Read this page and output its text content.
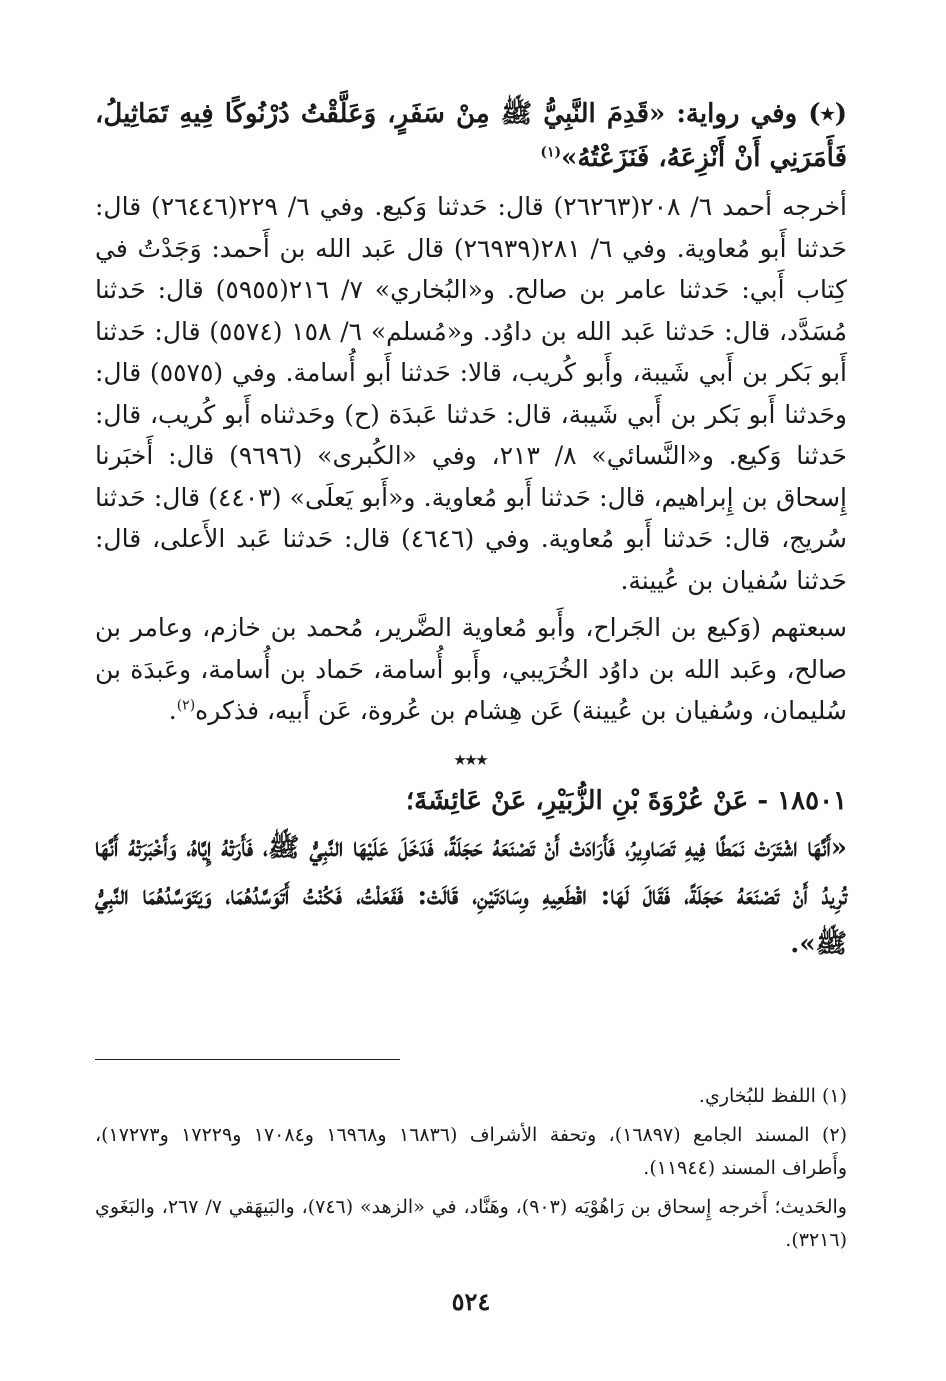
(٭) وفي رواية: «قَدِمَ النَّبِيُّ ﷺ مِنْ سَفَرٍ، وَعَلَّقْتُ دُرْنُوكًا فِيهِ تَمَاثِيلُ، فَأَمَرَنِي أَنْ أَنْزِعَهُ، فَنَزَعْتُهُ»$^{(١)}$

أخرجه أحمد ٦/ ٢٠٨(٢٦٢٦٣) قال: حَدثنا وَكيع. وفي ٦/ ٢٢٩(٢٦٤٤٦) قال: حَدثنا أَبو مُعاوية. وفي ٦/ ٢٨١(٢٦٩٣٩) قال عَبد الله بن أَحمد: وَجَدْتُ في كِتاب أَبي: حَدثنا عامر بن صالح. و«البُخاري» ٧/ ٢١٦(٥٩٥٥) قال: حَدثنا مُسَدَّد، قال: حَدثنا عَبد الله بن داوُد. و«مُسلم» ٦/ ١٥٨ (٥٥٧٤) قال: حَدثنا أَبو بَكر بن أَبي شَيبة، وأَبو كُريب، قالا: حَدثنا أَبو أُسامة. وفي (٥٥٧٥) قال: وحَدثنا أَبو بَكر بن أَبي شَيبة، قال: حَدثنا عَبدَة (ح) وحَدثناه أَبو كُريب، قال: حَدثنا وَكيع. و«النَّسائي» ٨/ ٢١٣، وفي «الكُبرى» (٩٦٩٦) قال: أَخبَرنا إِسحاق بن إِبراهيم، قال: حَدثنا أَبو مُعاوية. و«أَبو يَعلَى» (٤٤٠٣) قال: حَدثنا سُريج، قال: حَدثنا أَبو مُعاوية. وفي (٤٦٤٦) قال: حَدثنا عَبد الأَعلى، قال: حَدثنا سُفيان بن عُيينة.

سبعتهم (وَكيع بن الجَراح، وأَبو مُعاوية الضَّرير، مُحمد بن خازم، وعامر بن صالح، وعَبد الله بن داوُد الخُرَيبي، وأَبو أُسامة، حَماد بن أُسامة، وعَبدَة بن سُليمان، وسُفيان بن عُيينة) عَن هِشام بن عُروة، عَن أَبيه، فذكره$^{(٢)}$.

٭٭٭

١٨٥٠١ - عَنْ عُرْوَةَ بْنِ الزُّبَيْرِ، عَنْ عَائِشَةَ؛

«أَنَّهَا اشْتَرَتْ نَمَطًا فِيهِ تَصَاوِيرُ، فَأَرَادَتْ أَنْ تَصْنَعَهُ حَجَلَةً، فَدَخَلَ عَلَيْهَا النَّبِيُّ ﷺ، فَأَرَتْهُ إِيَّاهُ، وَأَخْبَرَتْهُ أَنَّهَا تُرِيدُ أَنْ تَصْنَعَهُ حَجَلَةً، فَقَالَ لَهَا: اقْطَعِيهِ وِسَادَتَيْنِ، قَالَتْ: فَفَعَلْتُ، فَكُنْتُ أَتَوَسَّدُهُمَا، وَيَتَوَسَّدُهُمَا النَّبِيُّ ﷺ».

(١) اللفظ للبُخاري.

(٢) المسند الجامع (١٦٨٩٧)، وتحفة الأشراف (١٦٨٣٦ و١٦٩٦٨ و١٧٠٨٤ و١٧٢٢٩ و١٧٢٧٣)، وأَطراف المسند (١١٩٤٤).

والحَديث؛ أَخرجه إِسحاق بن رَاهُوْيَه (٩٠٣)، وهَنَّاد، في «الزهد» (٧٤٦)، والبَيهَقي ٧/ ٢٦٧، والبَغَوي (٣٢١٦).

٥٢٤
